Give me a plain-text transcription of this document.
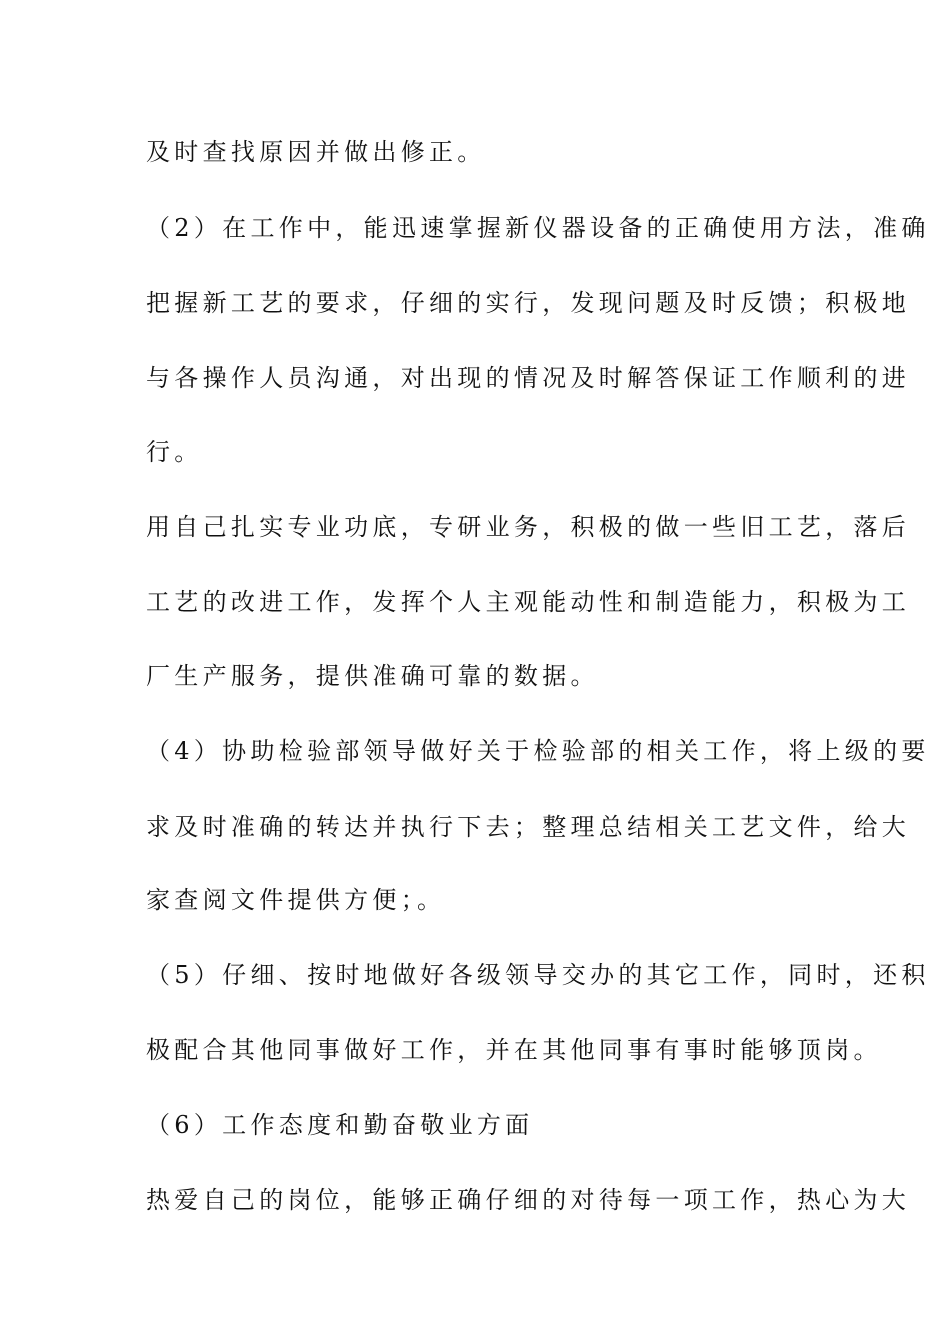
及时查找原因并做出修正。
（2）在工作中，能迅速掌握新仪器设备的正确使用方法，准确
把握新工艺的要求，仔细的实行，发现问题及时反馈；积极地
与各操作人员沟通，对出现的情况及时解答保证工作顺利的进
行。
用自己扎实专业功底，专研业务，积极的做一些旧工艺，落后
工艺的改进工作，发挥个人主观能动性和制造能力，积极为工
厂生产服务，提供准确可靠的数据。
（4）协助检验部领导做好关于检验部的相关工作，将上级的要
求及时准确的转达并执行下去；整理总结相关工艺文件，给大
家查阅文件提供方便；。
（5）仔细、按时地做好各级领导交办的其它工作，同时，还积
极配合其他同事做好工作，并在其他同事有事时能够顶岗。
（6）工作态度和勤奋敬业方面
热爱自己的岗位，能够正确仔细的对待每一项工作，热心为大
